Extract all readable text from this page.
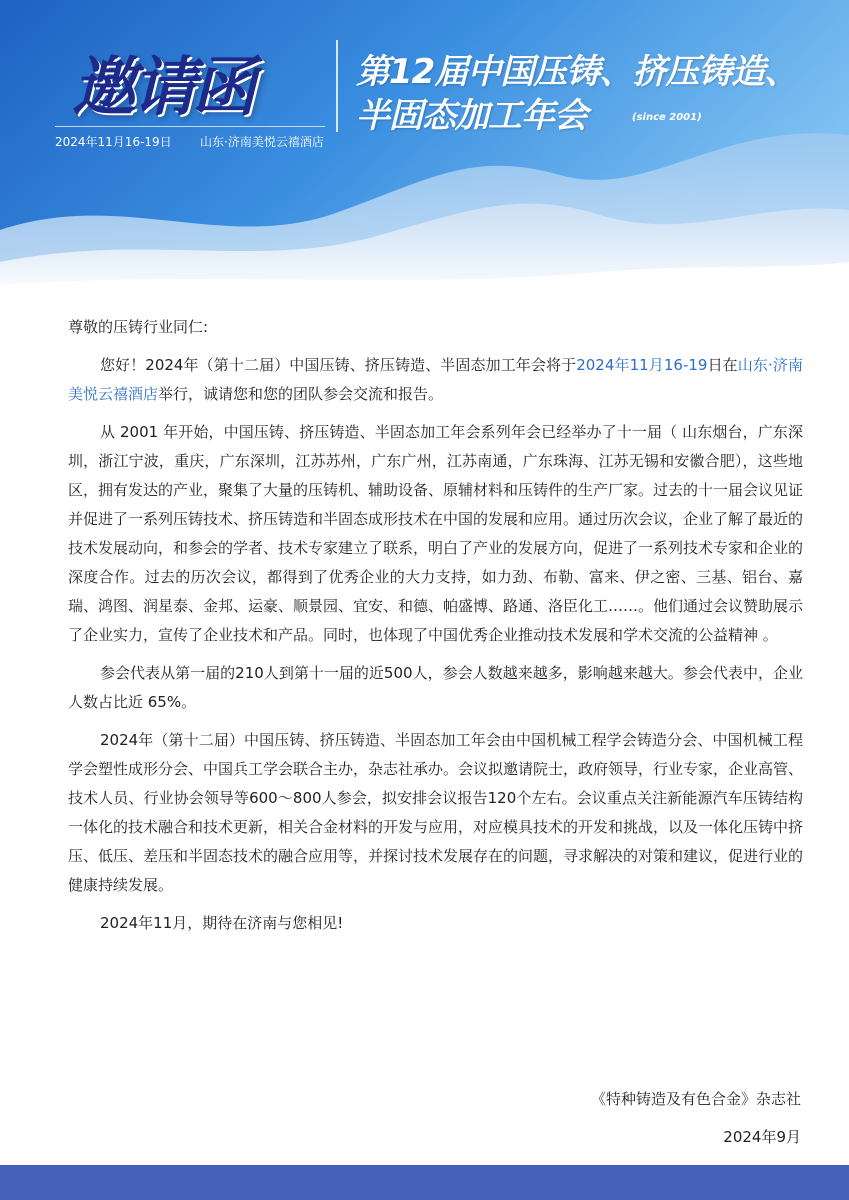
邀请函
2024年11月16-19日 山东·济南美悦云禧酒店
第12届中国压铸、挤压铸造、
半固态加工年会	(since 2001)

尊敬的压铸行业同仁:

您好！2024年（第十二届）中国压铸、挤压铸造、半固态加工年会将于2024年11月16-19日在山东·济南美悦云禧酒店举行，诚请您和您的团队参会交流和报告。

从 2001 年开始，中国压铸、挤压铸造、半固态加工年会系列年会已经举办了十一届（ 山东烟台，广东深圳，浙江宁波，重庆，广东深圳，江苏苏州，广东广州，江苏南通，广东珠海、江苏无锡和安徽合肥），这些地区，拥有发达的产业，聚集了大量的压铸机、辅助设备、原辅材料和压铸件的生产厂家。过去的十一届会议见证并促进了一系列压铸技术、挤压铸造和半固态成形技术在中国的发展和应用。通过历次会议，企业了解了最近的技术发展动向，和参会的学者、技术专家建立了联系，明白了产业的发展方向，促进了一系列技术专家和企业的深度合作。过去的历次会议，都得到了优秀企业的大力支持，如力劲、布勒、富来、伊之密、三基、铝台、嘉瑞、鸿图、润星泰、金邦、运豪、顺景园、宜安、和德、帕盛博、路通、洛臣化工……。他们通过会议赞助展示了企业实力，宣传了企业技术和产品。同时，也体现了中国优秀企业推动技术发展和学术交流的公益精神 。

参会代表从第一届的210人到第十一届的近500人，参会人数越来越多，影响越来越大。参会代表中，企业人数占比近 65%。

2024年（第十二届）中国压铸、挤压铸造、半固态加工年会由中国机械工程学会铸造分会、中国机械工程学会塑性成形分会、中国兵工学会联合主办，杂志社承办。会议拟邀请院士，政府领导，行业专家，企业高管、技术人员、行业协会领导等600～800人参会，拟安排会议报告120个左右。会议重点关注新能源汽车压铸结构一体化的技术融合和技术更新，相关合金材料的开发与应用，对应模具技术的开发和挑战，以及一体化压铸中挤压、低压、差压和半固态技术的融合应用等，并探讨技术发展存在的问题，寻求解决的对策和建议，促进行业的健康持续发展。

2024年11月，期待在济南与您相见!

《特种铸造及有色合金》杂志社
2024年9月
